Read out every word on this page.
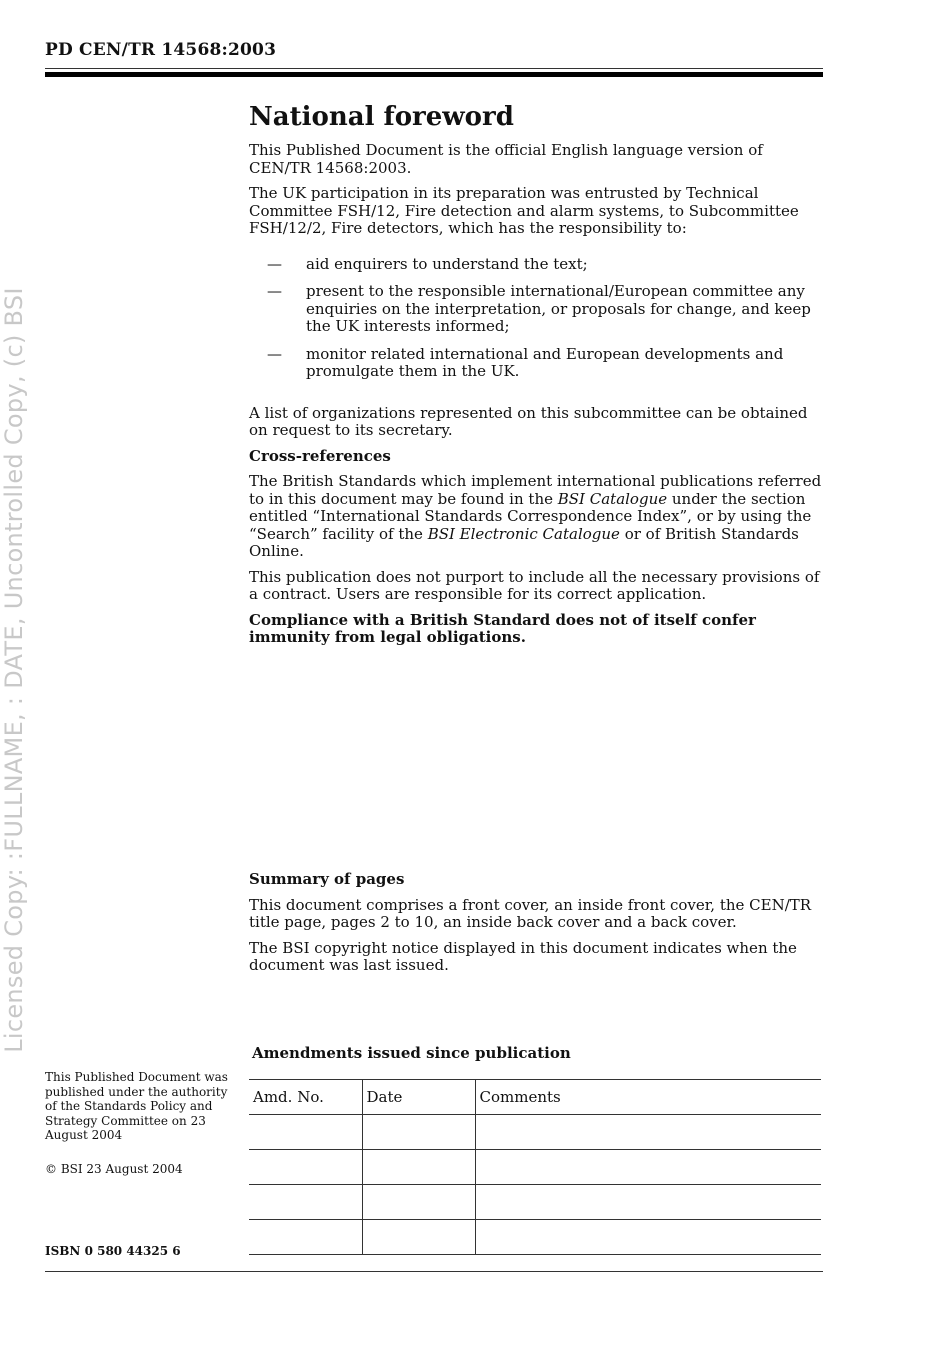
PD CEN/TR 14568:2003
Licensed Copy: :FULLNAME, : DATE, Uncontrolled Copy, (c) BSI
National foreword

This Published Document is the official English language version of CEN/TR 14568:2003.

The UK participation in its preparation was entrusted by Technical Committee FSH/12, Fire detection and alarm systems, to Subcommittee FSH/12/2, Fire detectors, which has the responsibility to:

— aid enquirers to understand the text;
— present to the responsible international/European committee any enquiries on the interpretation, or proposals for change, and keep the UK interests informed;
— monitor related international and European developments and promulgate them in the UK.

A list of organizations represented on this subcommittee can be obtained on request to its secretary.

Cross-references

The British Standards which implement international publications referred to in this document may be found in the BSI Catalogue under the section entitled “International Standards Correspondence Index”, or by using the “Search” facility of the BSI Electronic Catalogue or of British Standards Online.

This publication does not purport to include all the necessary provisions of a contract. Users are responsible for its correct application.

Compliance with a British Standard does not of itself confer immunity from legal obligations.

Summary of pages

This document comprises a front cover, an inside front cover, the CEN/TR title page, pages 2 to 10, an inside back cover and a back cover.

The BSI copyright notice displayed in this document indicates when the document was last issued.

Amendments issued since publication
Amd. No.	Date	Comments

This Published Document was published under the authority of the Standards Policy and Strategy Committee on 23 August 2004
© BSI 23 August 2004
ISBN 0 580 44325 6
